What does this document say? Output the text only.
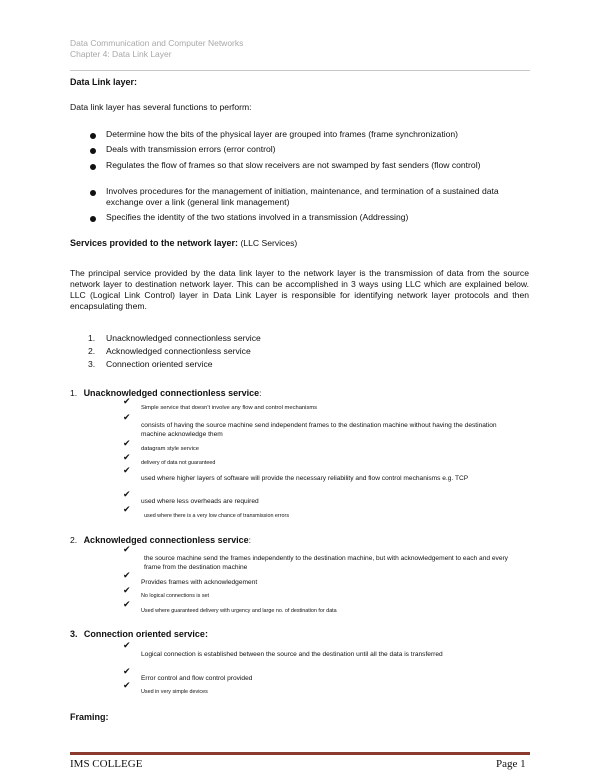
Data Communication and Computer Networks
Chapter 4: Data Link Layer
Data Link layer:
Data link layer has several functions to perform:
Determine how the bits of the physical layer are grouped into frames (frame synchronization)
Deals with transmission errors (error control)
Regulates the flow of frames so that slow receivers are not swamped by fast senders (flow control)
Involves procedures for the management of initiation, maintenance, and termination of a sustained data exchange over a link (general link management)
Specifies the identity of the two stations involved in a transmission (Addressing)
Services provided to the network layer: (LLC Services)
The principal service provided by the data link layer to the network layer is the transmission of data from the source network layer to destination network layer. This can be accomplished in 3 ways using LLC which are explained below. LLC (Logical Link Control) layer in Data Link Layer is responsible for identifying network layer protocols and then encapsulating them.
1. Unacknowledged connectionless service
2. Acknowledged connectionless service
3. Connection oriented service
1. Unacknowledged connectionless service:
✔
Simple service that doesn't involve any flow and control mechanisms
✔
consists of having the source machine send independent frames to the destination machine without having the destination machine acknowledge them
✔ datagram style service
✔ delivery of data not guaranteed
✔
used where higher layers of software will provide the necessary reliability and flow control mechanisms e.g. TCP
✔
used where less overheads are required
✔
used where there is a very low chance of transmission errors
2. Acknowledged connectionless service:
✔
the source machine send the frames independently to the destination machine, but with acknowledgement to each and every frame from the destination machine
✔
Provides frames with acknowledgement
✔ No logical connections is set
✔
Used where guaranteed delivery with urgency and large no. of destination for data
3. Connection oriented service:
✔
Logical connection is established between the source and the destination until all the data is transferred
✔
Error control and flow control provided
✔
Used in very simple devices
Framing:
IMS COLLEGE	Page 1
